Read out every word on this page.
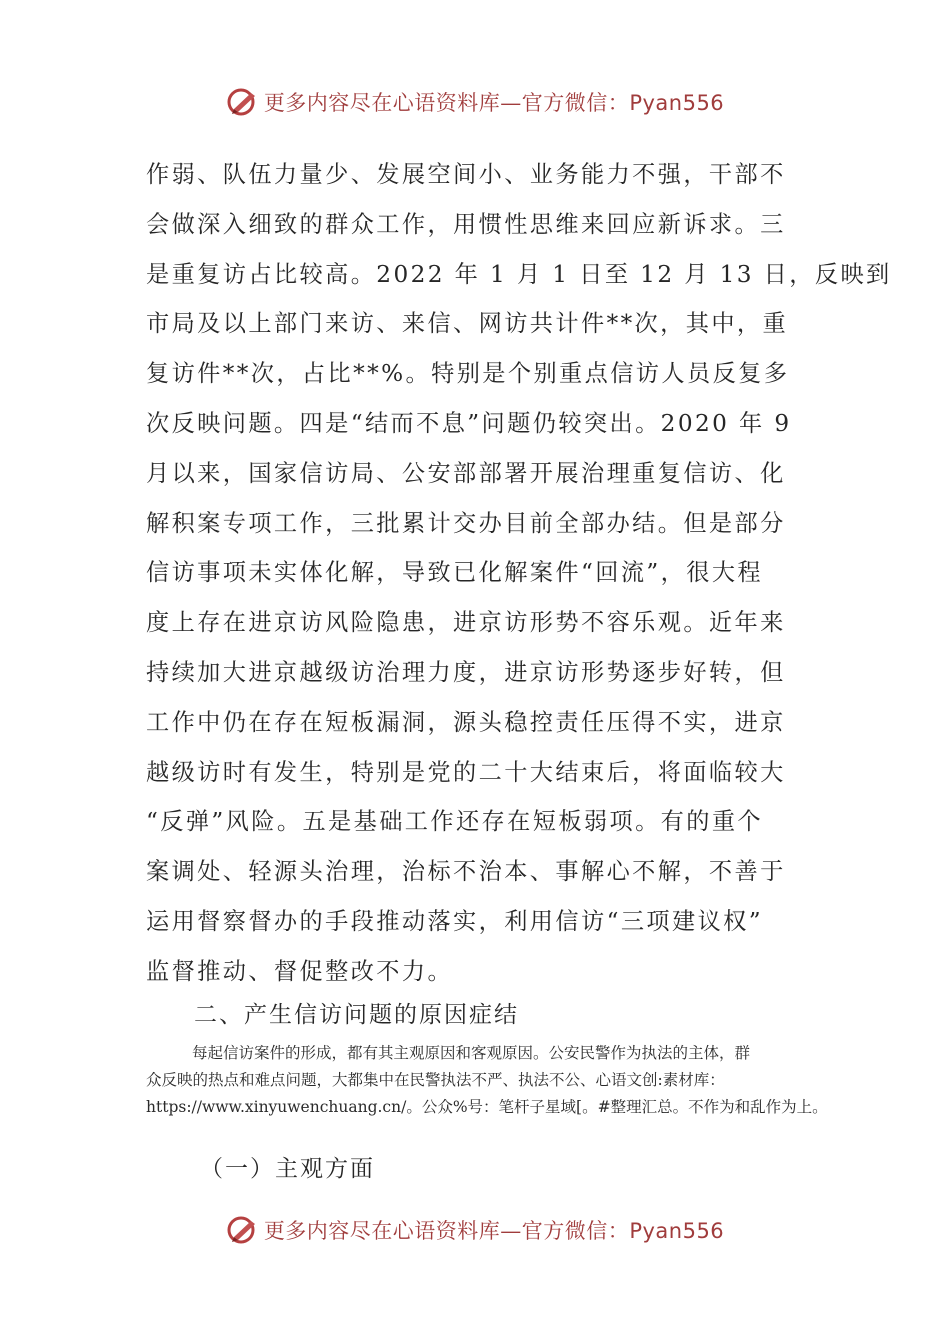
更多内容尽在心语资料库—官方微信：Pyan556
作弱、队伍力量少、发展空间小、业务能力不强，干部不
会做深入细致的群众工作，用惯性思维来回应新诉求。三
是重复访占比较高。2022 年 1 月 1 日至 12 月 13 日，反映到
市局及以上部门来访、来信、网访共计件**次，其中，重
复访件**次，占比**%。特别是个别重点信访人员反复多
次反映问题。四是“结而不息”问题仍较突出。2020 年 9
月以来，国家信访局、公安部部署开展治理重复信访、化
解积案专项工作，三批累计交办目前全部办结。但是部分
信访事项未实体化解，导致已化解案件“回流”，很大程
度上存在进京访风险隐患，进京访形势不容乐观。近年来
持续加大进京越级访治理力度，进京访形势逐步好转，但
工作中仍在存在短板漏洞，源头稳控责任压得不实，进京
越级访时有发生，特别是党的二十大结束后，将面临较大
“反弹”风险。五是基础工作还存在短板弱项。有的重个
案调处、轻源头治理，治标不治本、事解心不解，不善于
运用督察督办的手段推动落实，利用信访“三项建议权”
监督推动、督促整改不力。
二、产生信访问题的原因症结
每起信访案件的形成，都有其主观原因和客观原因。公安民警作为执法的主体，群
众反映的热点和难点问题，大都集中在民警执法不严、执法不公、心语文创:素材库：
https://www.xinyuwenchuang.cn/。公众%号：笔杆子星域[。#整理汇总。不作为和乱作为上。
（一）主观方面
更多内容尽在心语资料库—官方微信：Pyan556
